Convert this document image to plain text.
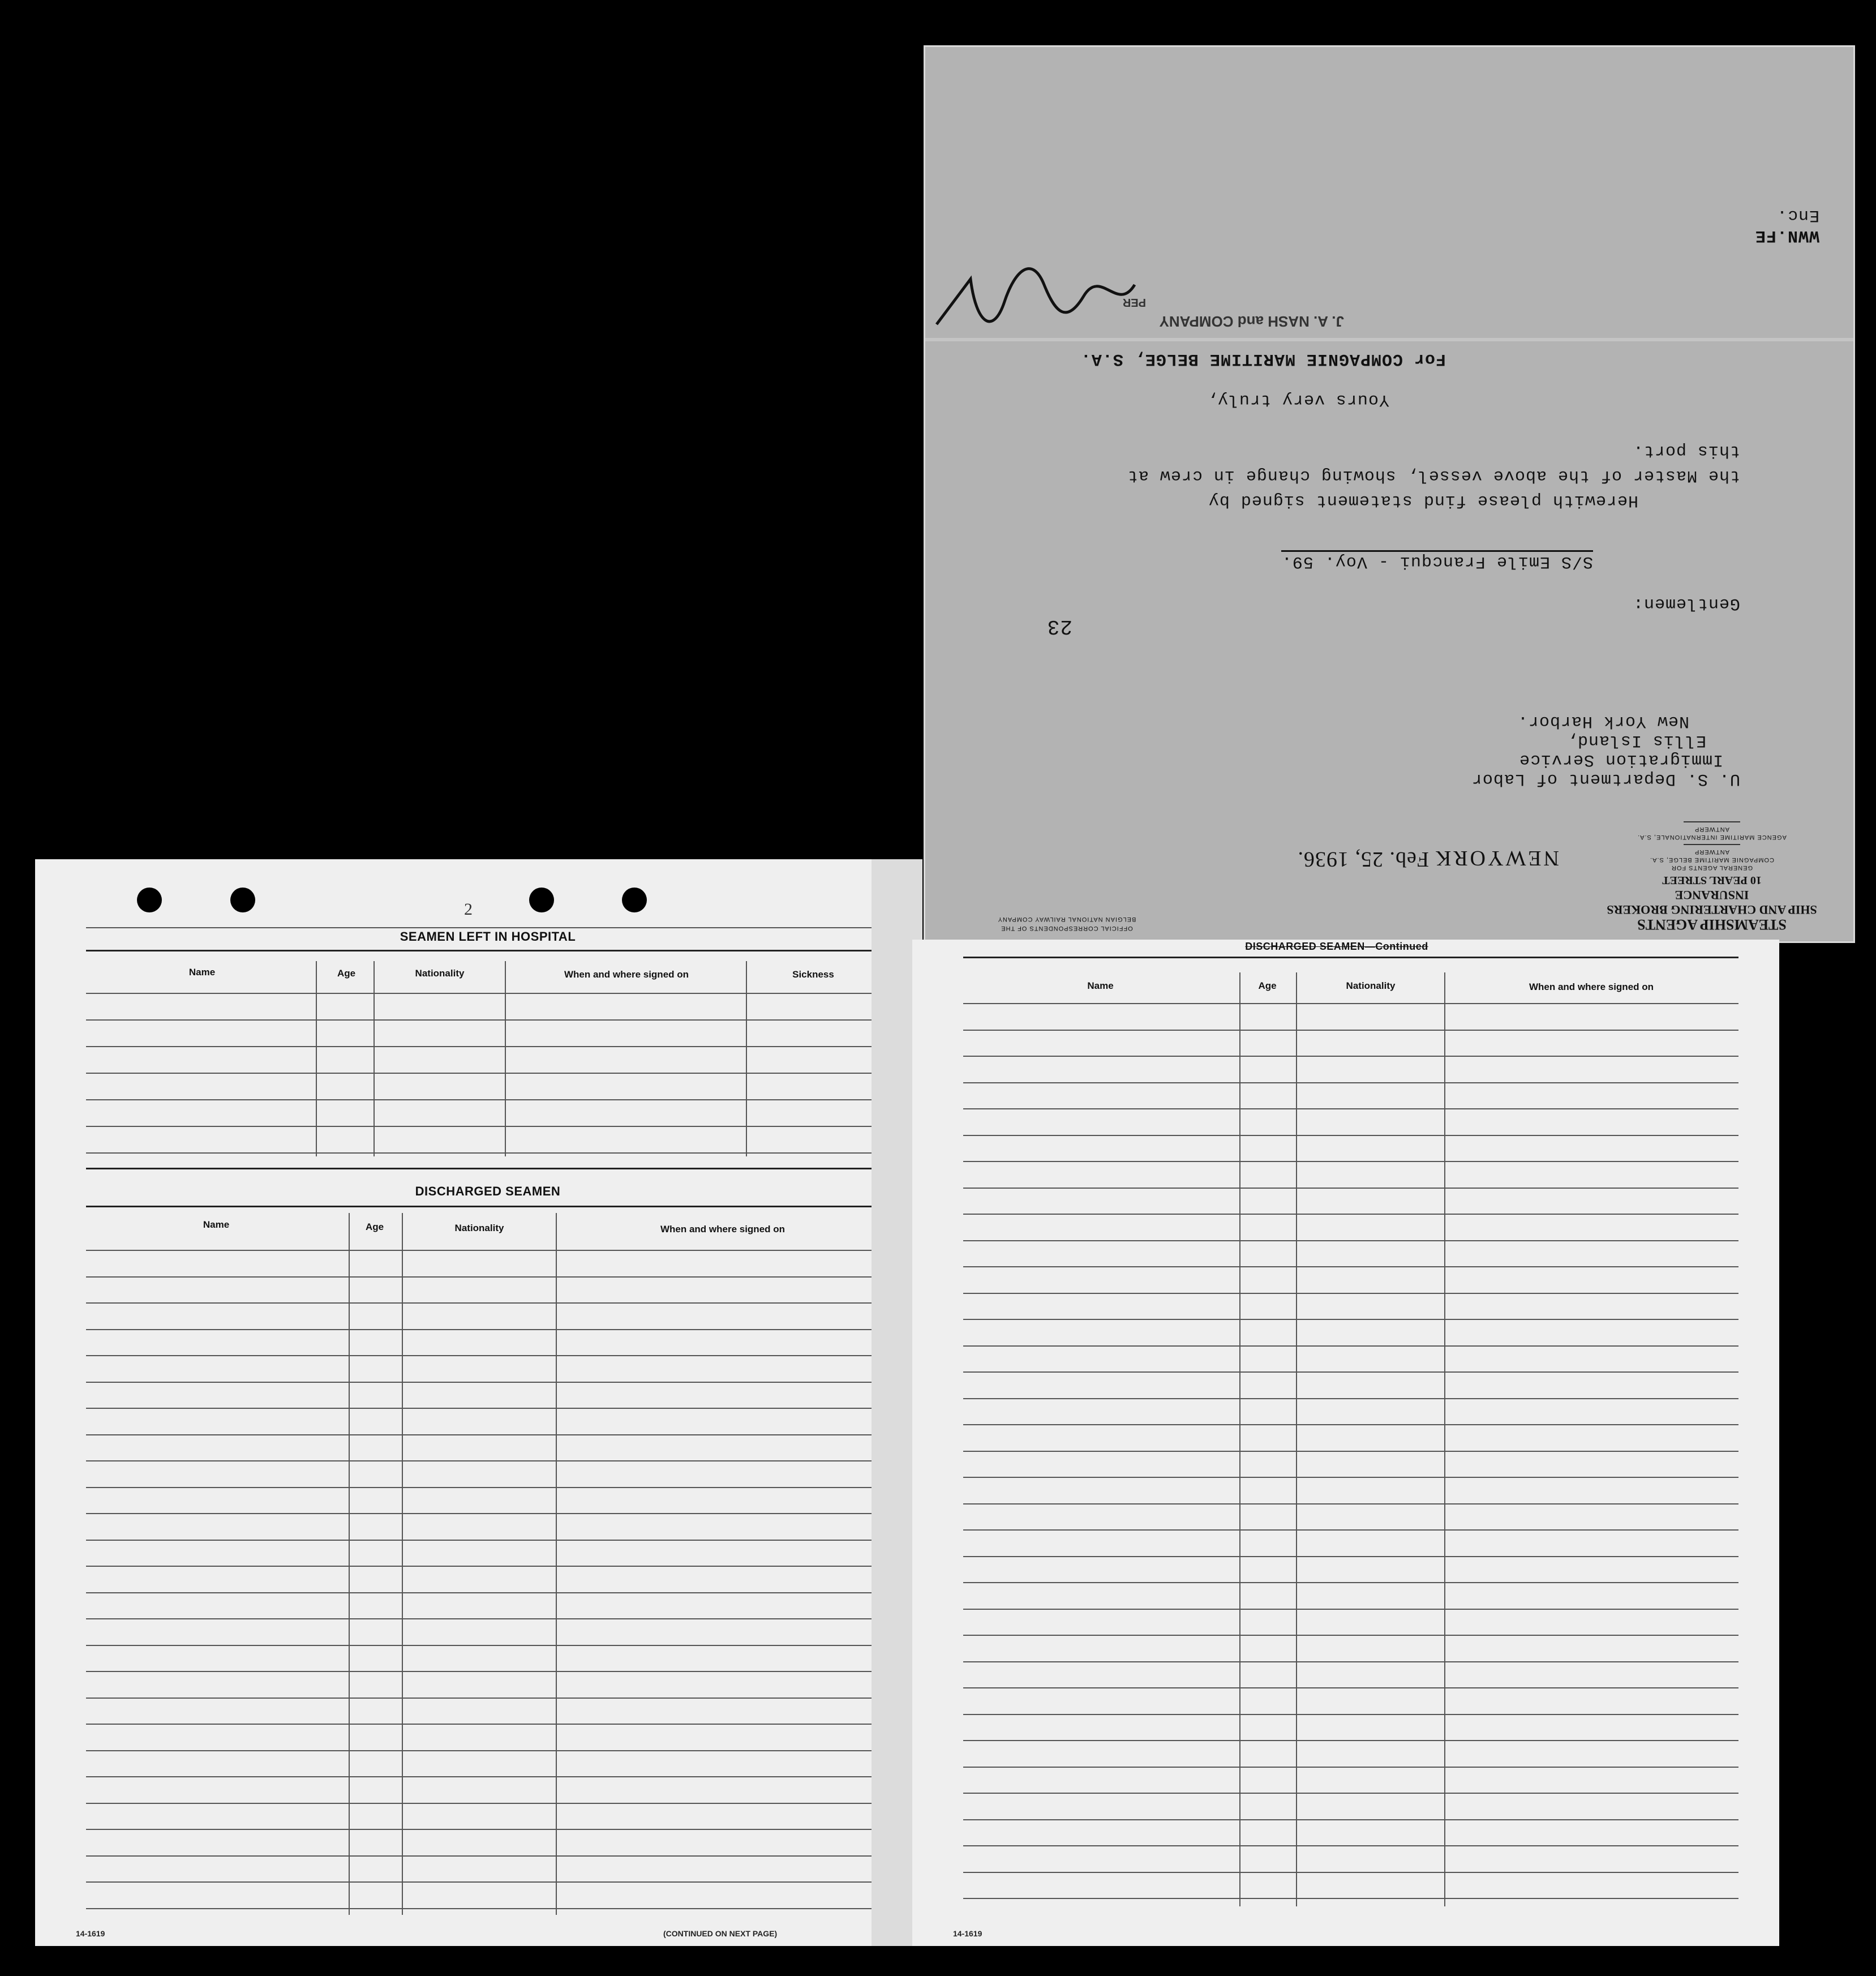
STEAMSHIP AGENTS
SHIP AND CHARTERING BROKERS
INSURANCE
10 PEARL STREET
GENERAL AGENTS FOR
COMPAGNIE MARITIME BELGE, S.A.
ANTWERP
AGENCE MARITIME INTERNATIONALE, S.A.
ANTWERP
OFFICIAL CORRESPONDENTS OF THE
BELGIAN NATIONAL RAILWAY COMPANY
NEWYORK
Feb. 25, 1936.
U. S. Department of Labor
Immigration Service
Ellis Island,
New York Harbor.
23
Gentlemen:
S/S Emile Francqui - Voy. 59.
Herewith please find statement signed by
the Master of the above vessel, showing change in crew at
this port.
Yours very truly,
For COMPAGNIE MARITIME BELGE, S.A.
J. A. NASH and COMPANY
PER
WWN.FE
Enc.
2
SEAMEN LEFT IN HOSPITAL
Name	Age	Nationality	When and where signed on	Sickness
DISCHARGED SEAMEN
Name	Age	Nationality	When and where signed on
14-1619	(CONTINUED ON NEXT PAGE)
DISCHARGED SEAMEN—Continued
Name	Age	Nationality	When and where signed on
14-1619
